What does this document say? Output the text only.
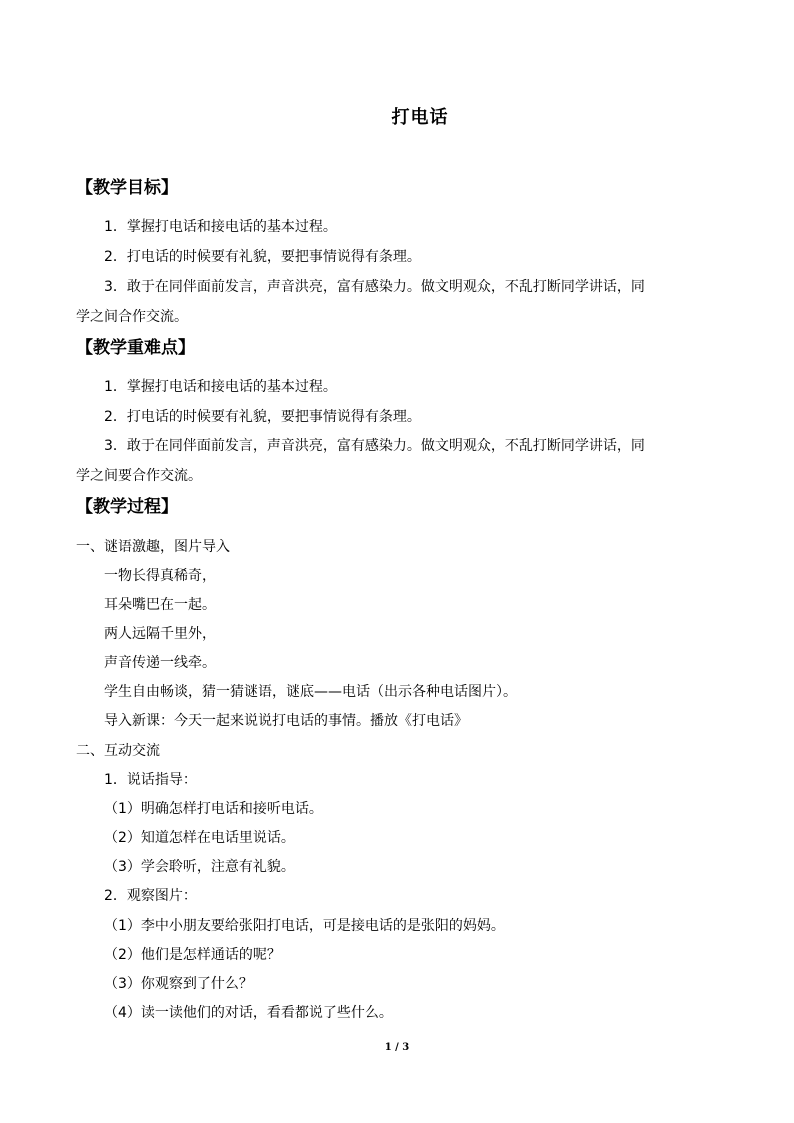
打电话
【教学目标】
1．掌握打电话和接电话的基本过程。
2．打电话的时候要有礼貌，要把事情说得有条理。
3．敢于在同伴面前发言，声音洪亮，富有感染力。做文明观众，不乱打断同学讲话，同
学之间合作交流。
【教学重难点】
1．掌握打电话和接电话的基本过程。
2．打电话的时候要有礼貌，要把事情说得有条理。
3．敢于在同伴面前发言，声音洪亮，富有感染力。做文明观众，不乱打断同学讲话，同
学之间要合作交流。
【教学过程】
一、谜语激趣，图片导入
一物长得真稀奇，
耳朵嘴巴在一起。
两人远隔千里外，
声音传递一线牵。
学生自由畅谈，猜一猜谜语，谜底——电话（出示各种电话图片）。
导入新课：今天一起来说说打电话的事情。播放《打电话》
二、互动交流
1．说话指导：
（1）明确怎样打电话和接听电话。
（2）知道怎样在电话里说话。
（3）学会聆听，注意有礼貌。
2．观察图片：
（1）李中小朋友要给张阳打电话，可是接电话的是张阳的妈妈。
（2）他们是怎样通话的呢？
（3）你观察到了什么？
（4）读一读他们的对话，看看都说了些什么。
1 / 3
